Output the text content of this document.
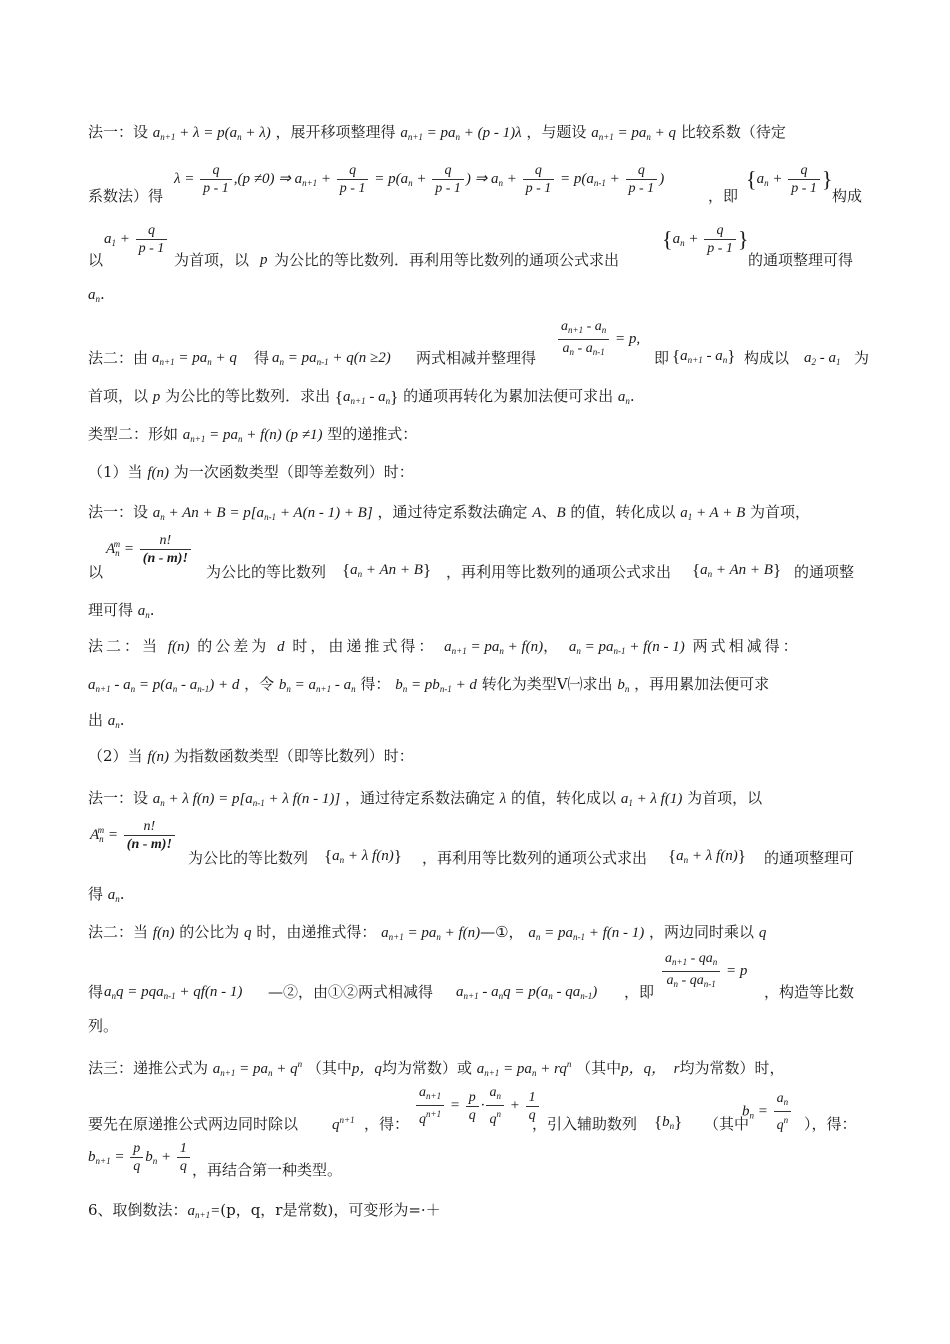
法一：设 $a_{n+1} + \lambda = p(a_n + \lambda)$ ，展开移项整理得 $a_{n+1} = pa_n + (p - 1)\lambda$ ，与题设 $a_{n+1} = pa_n + q$ 比较系数（待定
系数法）得
$\lambda = \frac{q}{p - 1} ,(p \ne 0)$ ⇒ $a_{n+1} + \frac{q}{p - 1} = p(a_n + \frac{q}{p - 1}$ ) ⇒ $a_n + \frac{q}{p - 1} = p(a_{n-1} + \frac{q}{p - 1}$ )
，即
{$a_n + \frac{q}{p - 1}$ }
构成
以
$a_1 + \frac{q}{p - 1}$
为首项，以 p 为公比的等比数列．再利用等比数列的通项公式求出
{$a_n + \frac{q}{p - 1}$ }
的通项整理可得
$a_n$.
法二：由 $a_{n+1} = pa_n + q$ 得 $a_n = pa_{n-1} + q(n \ge 2)$ 两式相减并整理得 $\frac{a_{n+1} - a_n}{a_n - a_{n-1}} = p$,
即 $\{a_{n+1} - a_n\}$ 构成以 $a_2 - a_1$ 为
首项，以 p 为公比的等比数列．求出 $\{a_{n+1} - a_n\}$ 的通项再转化为累加法便可求出 $a_n$.
类型二：形如 $a_{n+1} = pa_n + f(n)$ (p ≠1) 型的递推式：
（1）当 f(n) 为一次函数类型（即等差数列）时：
法一：设 $a_n + An + B = p[a_{n-1} + A(n - 1) + B]$ ，通过待定系数法确定 A、B 的值，转化成以 $a_1 + A + B$ 为首项，
以
$A_n^m = \frac{n!}{(n - m)!}$
为公比的等比数列 $\{a_n + An + B\}$ ，再利用等比数列的通项公式求出 $\{a_n + An + B\}$ 的通项整
理可得 $a_n$.
法二：当 f(n) 的公差为 d 时，由递推式得： $a_{n+1} = pa_n + f(n)$， $a_n = pa_{n-1} + f(n - 1)$ 两式相减得：
$a_{n+1} - a_n = p(a_n - a_{n-1}) + d$ ，令 $b_n = a_{n+1} - a_n$ 得： $b_n = pb_{n-1} + d$ 转化为类型Ⅴ㈠求出 $b_n$ ，再用累加法便可求
出 $a_n$.
（2）当 f(n) 为指数函数类型（即等比数列）时：
法一：设 $a_n + \lambda$ $f(n) = p[a_{n-1} + \lambda$ f(n - 1)] ，通过待定系数法确定 λ 的值，转化成以 $a_1 + \lambda$ f(1) 为首项，以
$A_n^m = \frac{n!}{(n - m)!}$
为公比的等比数列 {$a_n + \lambda$ f(n)} ，再利用等比数列的通项公式求出 {$a_n + \lambda$ f(n)} 的通项整理可
得 $a_n$.
法二：当 f(n) 的公比为 q 时，由递推式得： $a_{n+1} = pa_n$ + f(n)—①， $a_n = pa_{n-1} + f(n - 1)$ ，两边同时乘以 q
得 $a_nq = pqa_{n-1} + qf(n - 1)$ —②，由①②两式相减得 $a_{n+1} - a_nq = p(a_n - qa_{n-1})$ ，即 $\frac{a_{n+1} - qa_n}{a_n - qa_{n-1}} = p$
，构造等比数
列。
法三：递推公式为 $a_{n+1} = pa_n + q^n$ （其中p，q均为常数）或 $a_{n+1} = pa_n + rq^n$ （其中p，q，　r均为常数）时，
要先在原递推公式两边同时除以 $q^{n+1}$ ，得： $\frac{a_{n+1}}{q^{n+1}} = \frac{p}{q} \cdot \frac{a_n}{q^n} + \frac{1}{q}$
，引入辅助数列 $\{b_n\}$ （其中
$b_n = \frac{a_n}{q^n}$ ），得：
$b_{n+1} = \frac{p}{q} b_n + \frac{1}{q}$ ，再结合第一种类型。
6、取倒数法：$a_{n+1}=(p$，q，r是常数)，可变形为=·＋
